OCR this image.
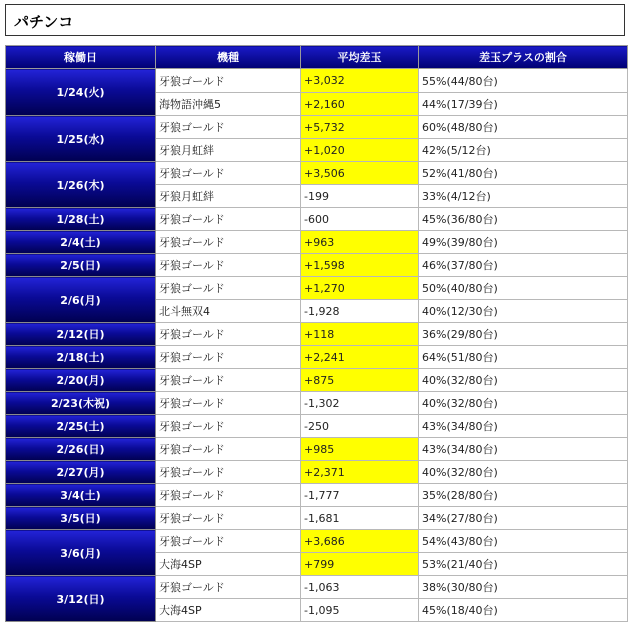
パチンコ
稼働日	機種	平均差玉	差玉プラスの割合
1/24(火)	牙狼ゴールド	+3,032	55%(44/80台)
	海物語沖縄5	+2,160	44%(17/39台)
1/25(水)	牙狼ゴールド	+5,732	60%(48/80台)
	牙狼月虹絆	+1,020	42%(5/12台)
1/26(木)	牙狼ゴールド	+3,506	52%(41/80台)
	牙狼月虹絆	-199	33%(4/12台)
1/28(土)	牙狼ゴールド	-600	45%(36/80台)
2/4(土)	牙狼ゴールド	+963	49%(39/80台)
2/5(日)	牙狼ゴールド	+1,598	46%(37/80台)
2/6(月)	牙狼ゴールド	+1,270	50%(40/80台)
	北斗無双4	-1,928	40%(12/30台)
2/12(日)	牙狼ゴールド	+118	36%(29/80台)
2/18(土)	牙狼ゴールド	+2,241	64%(51/80台)
2/20(月)	牙狼ゴールド	+875	40%(32/80台)
2/23(木祝)	牙狼ゴールド	-1,302	40%(32/80台)
2/25(土)	牙狼ゴールド	-250	43%(34/80台)
2/26(日)	牙狼ゴールド	+985	43%(34/80台)
2/27(月)	牙狼ゴールド	+2,371	40%(32/80台)
3/4(土)	牙狼ゴールド	-1,777	35%(28/80台)
3/5(日)	牙狼ゴールド	-1,681	34%(27/80台)
3/6(月)	牙狼ゴールド	+3,686	54%(43/80台)
	大海4SP	+799	53%(21/40台)
3/12(日)	牙狼ゴールド	-1,063	38%(30/80台)
	大海4SP	-1,095	45%(18/40台)
